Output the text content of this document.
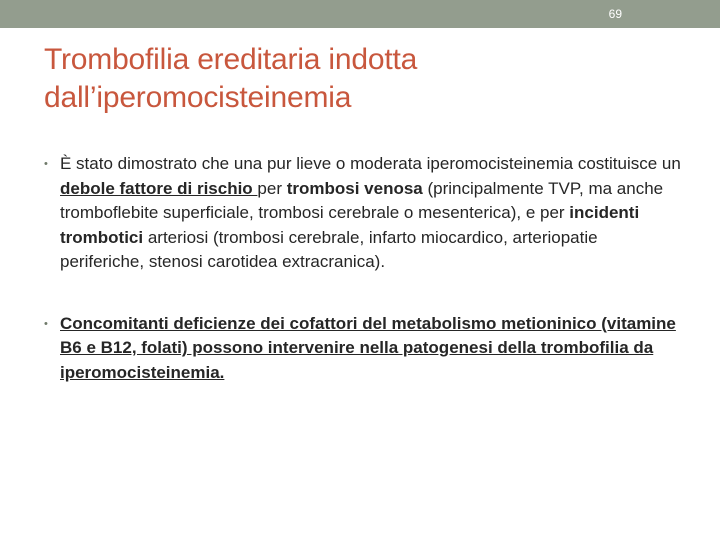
69
Trombofilia ereditaria indotta dall’iperomocisteinemia
• È stato dimostrato che una pur lieve o moderata iperomocisteinemia costituisce un debole fattore di rischio per trombosi venosa (principalmente TVP, ma anche tromboflebite superficiale, trombosi cerebrale o mesenterica), e per incidenti trombotici arteriosi (trombosi cerebrale, infarto miocardico, arteriopatie periferiche, stenosi carotidea extracranica).
• Concomitanti deficienze dei cofattori del metabolismo metioninico (vitamine B6 e B12, folati) possono intervenire nella patogenesi della trombofilia da iperomocisteinemia.
